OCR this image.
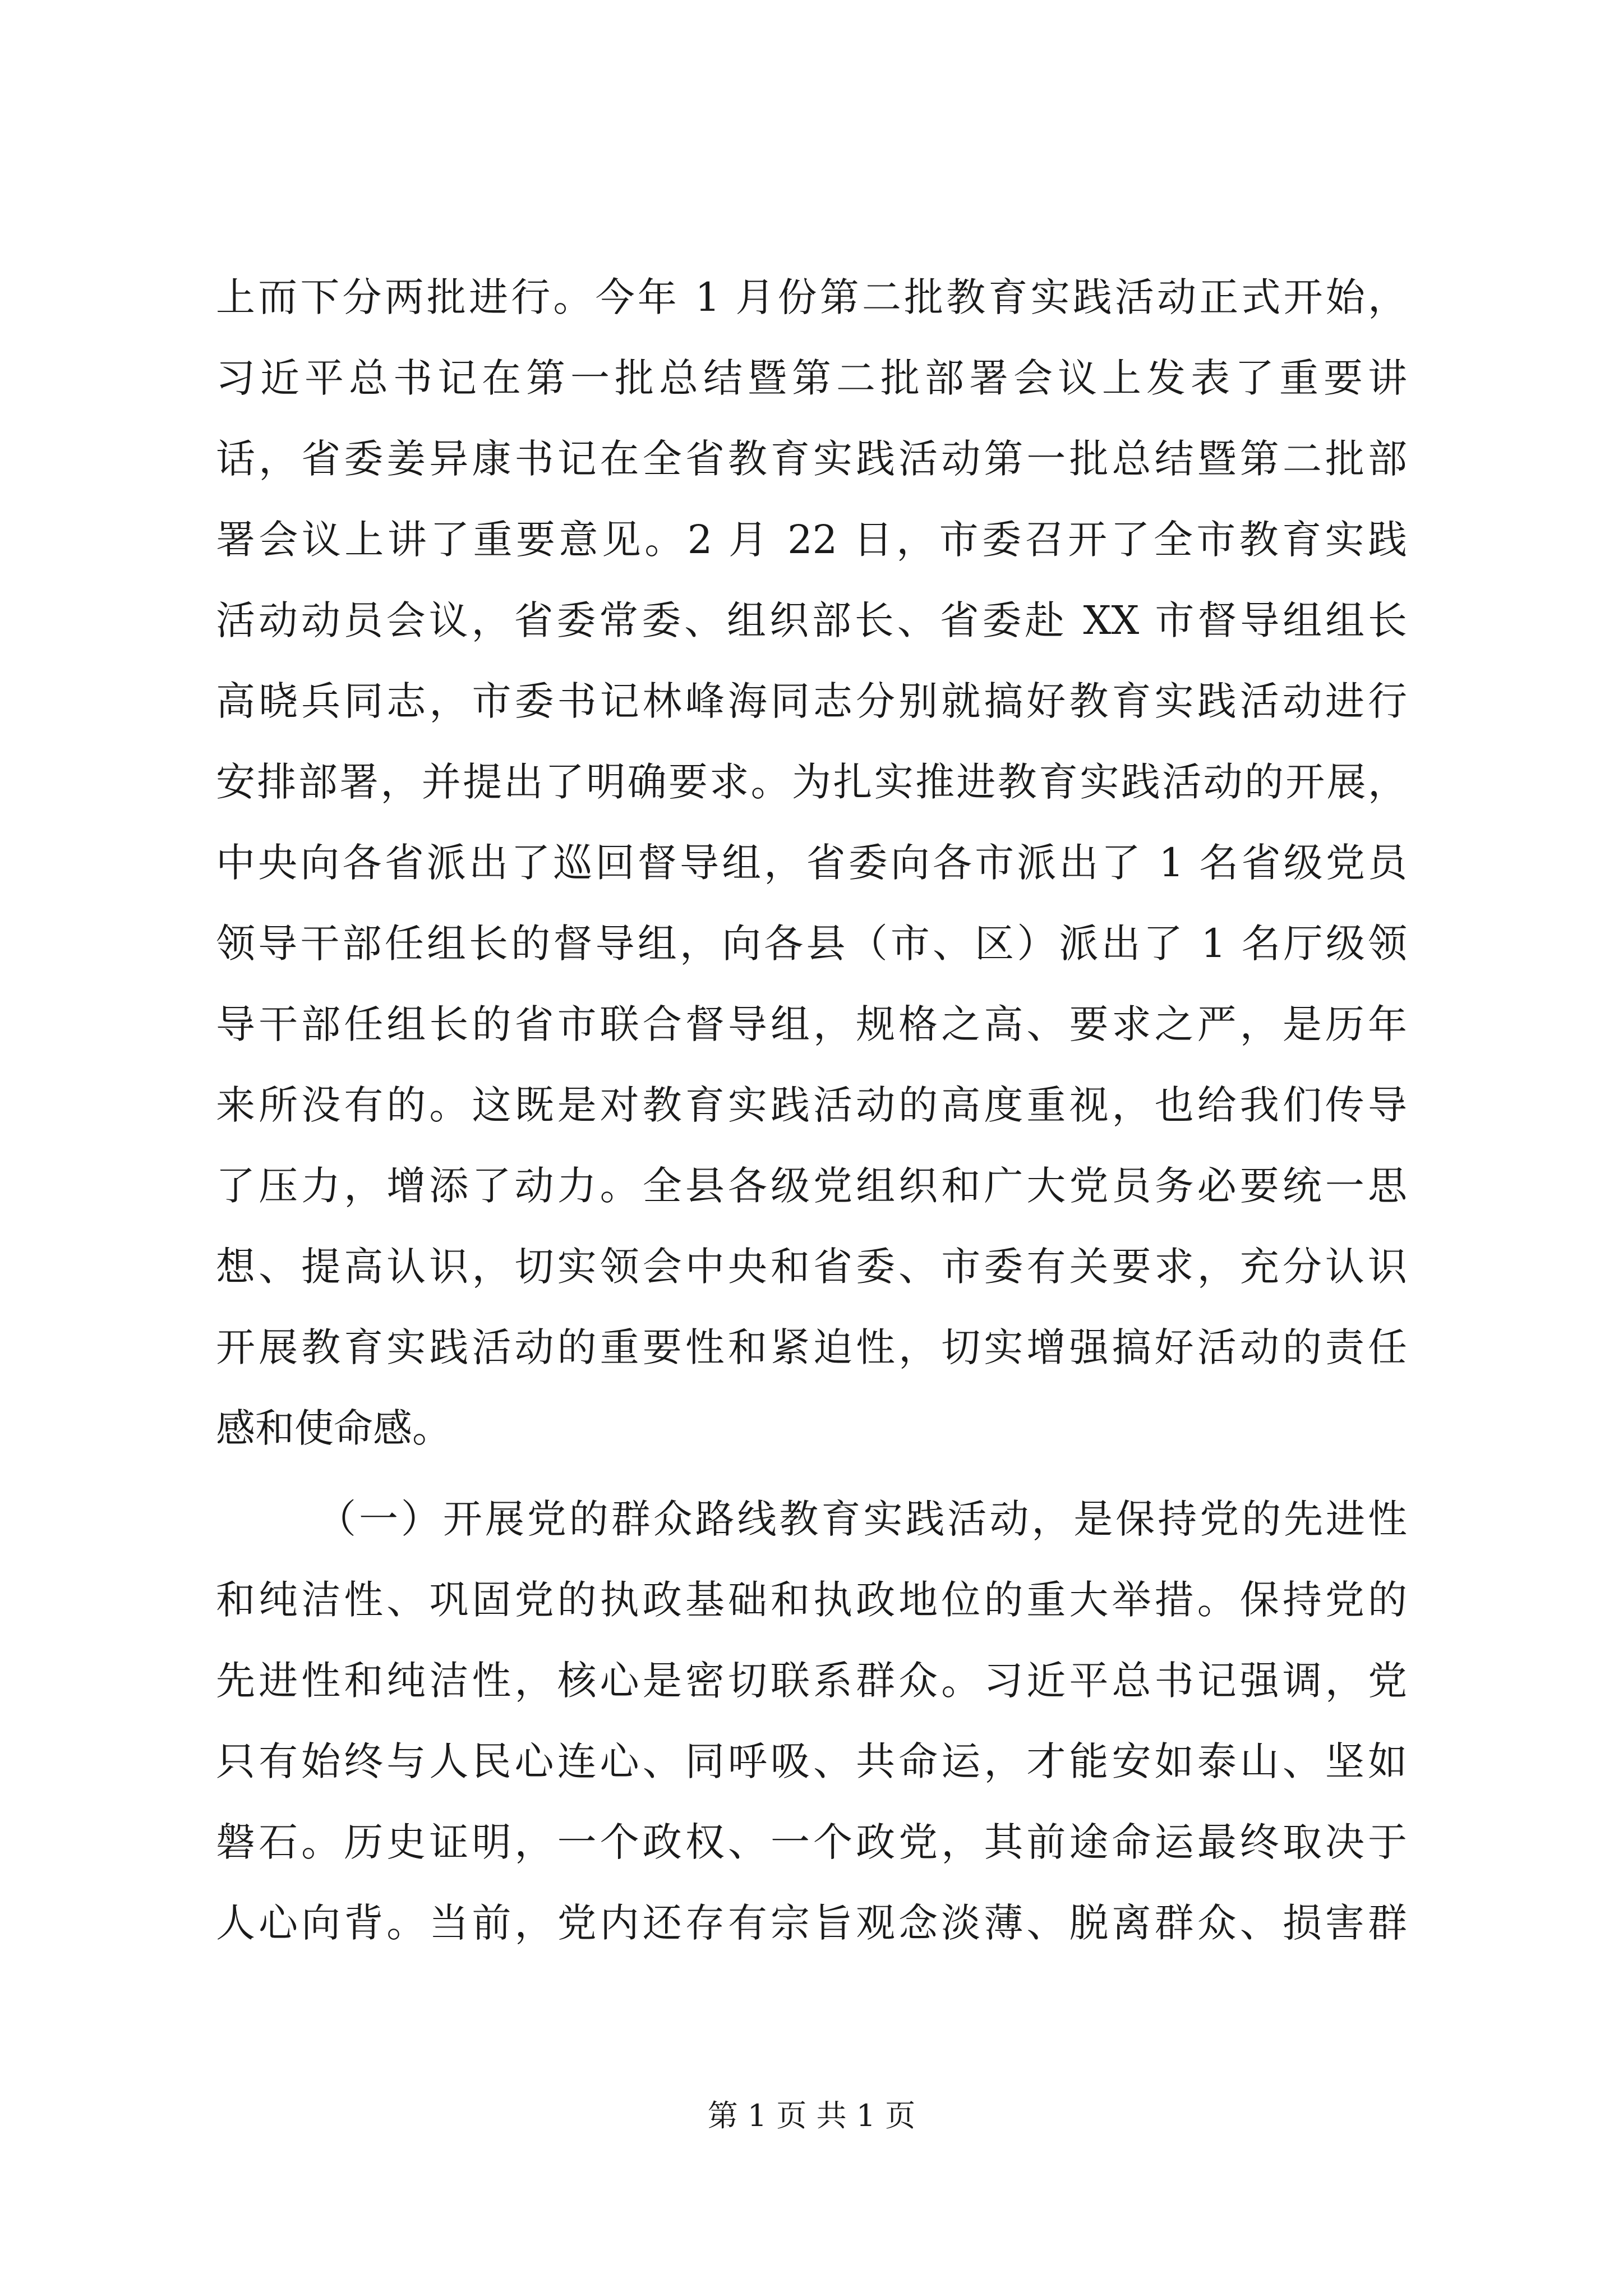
上而下分两批进行。今年 1 月份第二批教育实践活动正式开始，
习近平总书记在第一批总结暨第二批部署会议上发表了重要讲
话，省委姜异康书记在全省教育实践活动第一批总结暨第二批部
署会议上讲了重要意见。2 月 22 日，市委召开了全市教育实践
活动动员会议，省委常委、组织部长、省委赴 XX 市督导组组长
高晓兵同志，市委书记林峰海同志分别就搞好教育实践活动进行
安排部署，并提出了明确要求。为扎实推进教育实践活动的开展，
中央向各省派出了巡回督导组，省委向各市派出了 1 名省级党员
领导干部任组长的督导组，向各县（市、区）派出了 1 名厅级领
导干部任组长的省市联合督导组，规格之高、要求之严，是历年
来所没有的。这既是对教育实践活动的高度重视，也给我们传导
了压力，增添了动力。全县各级党组织和广大党员务必要统一思
想、提高认识，切实领会中央和省委、市委有关要求，充分认识
开展教育实践活动的重要性和紧迫性，切实增强搞好活动的责任
感和使命感。
（一）开展党的群众路线教育实践活动，是保持党的先进性
和纯洁性、巩固党的执政基础和执政地位的重大举措。保持党的
先进性和纯洁性，核心是密切联系群众。习近平总书记强调，党
只有始终与人民心连心、同呼吸、共命运，才能安如泰山、坚如
磐石。历史证明，一个政权、一个政党，其前途命运最终取决于
人心向背。当前，党内还存有宗旨观念淡薄、脱离群众、损害群
第 1 页 共 1 页
